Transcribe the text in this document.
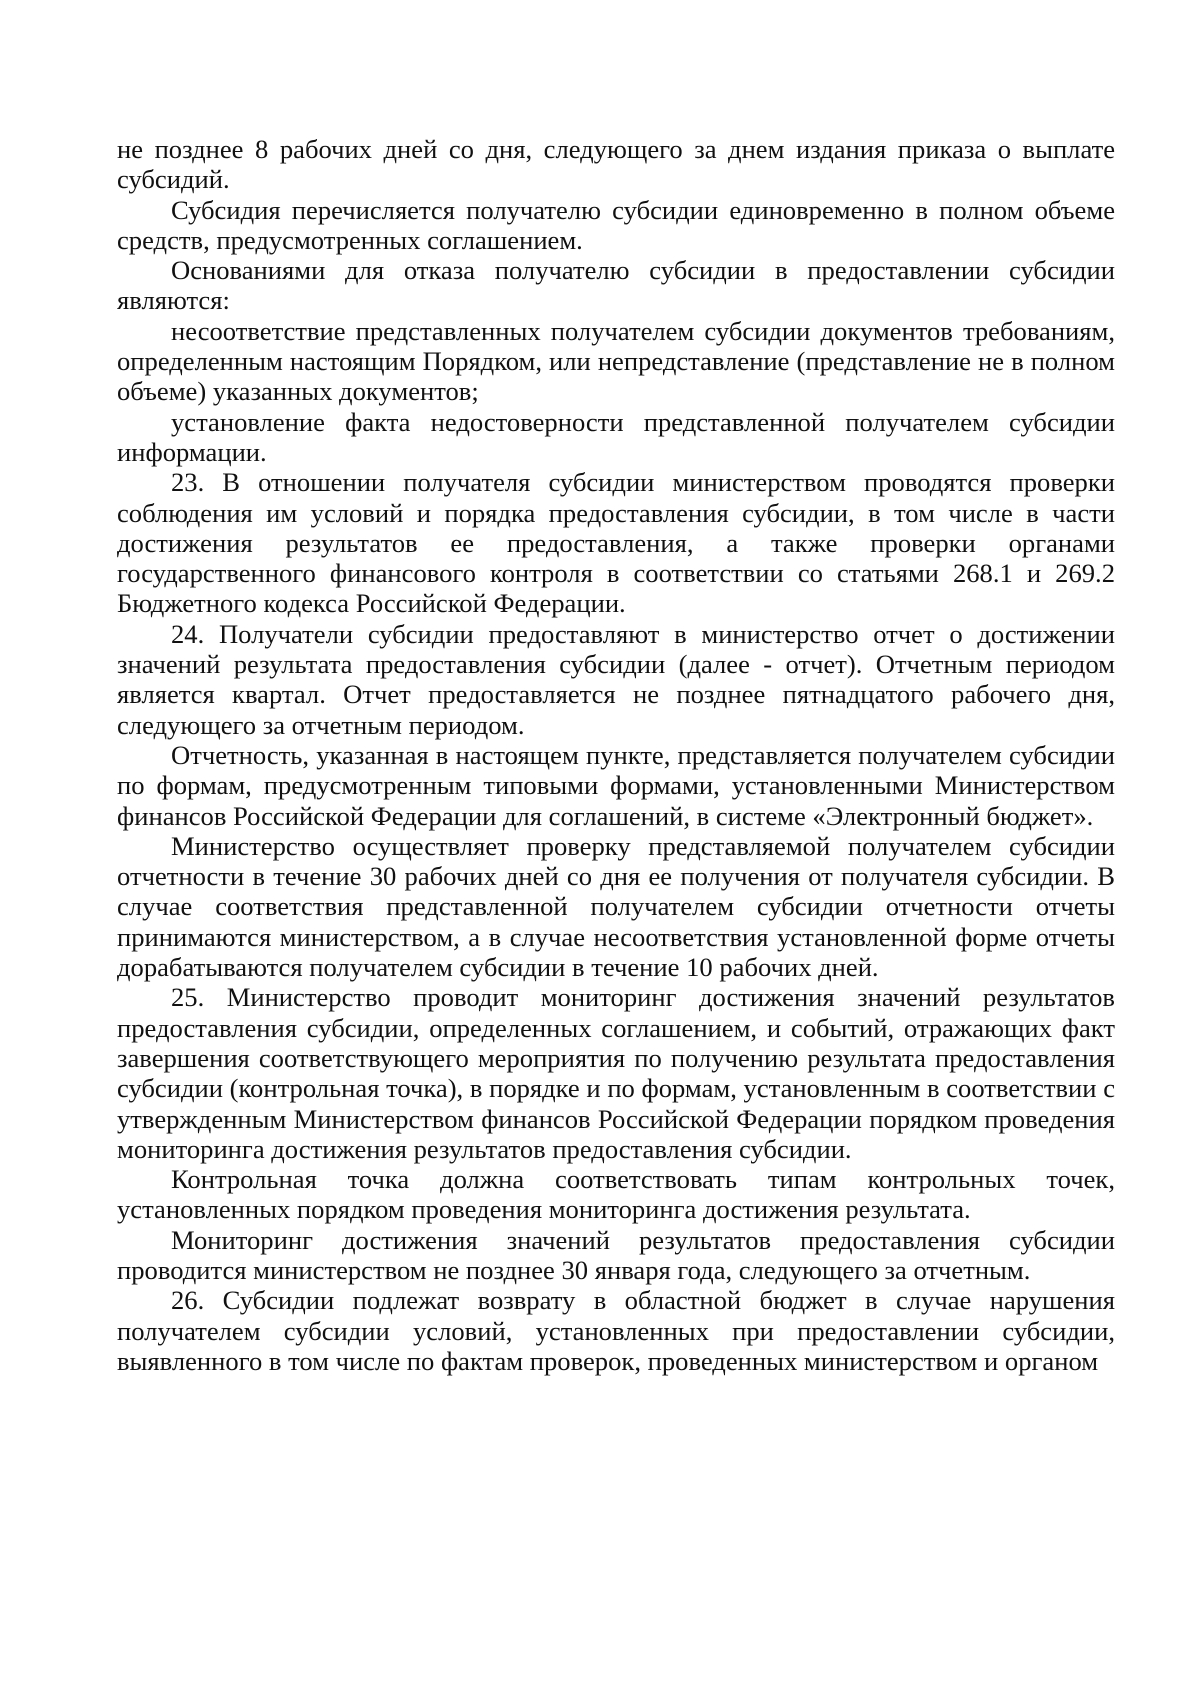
не позднее 8 рабочих дней со дня, следующего за днем издания приказа о выплате субсидий.

Субсидия перечисляется получателю субсидии единовременно в полном объеме средств, предусмотренных соглашением.

Основаниями для отказа получателю субсидии в предоставлении субсидии являются:

несоответствие представленных получателем субсидии документов требованиям, определенным настоящим Порядком, или непредставление (представление не в полном объеме) указанных документов;

установление факта недостоверности представленной получателем субсидии информации.

23. В отношении получателя субсидии министерством проводятся проверки соблюдения им условий и порядка предоставления субсидии, в том числе в части достижения результатов ее предоставления, а также проверки органами государственного финансового контроля в соответствии со статьями 268.1 и 269.2 Бюджетного кодекса Российской Федерации.

24. Получатели субсидии предоставляют в министерство отчет о достижении значений результата предоставления субсидии (далее - отчет). Отчетным периодом является квартал. Отчет предоставляется не позднее пятнадцатого рабочего дня, следующего за отчетным периодом.

Отчетность, указанная в настоящем пункте, представляется получателем субсидии по формам, предусмотренным типовыми формами, установленными Министерством финансов Российской Федерации для соглашений, в системе «Электронный бюджет».

Министерство осуществляет проверку представляемой получателем субсидии отчетности в течение 30 рабочих дней со дня ее получения от получателя субсидии. В случае соответствия представленной получателем субсидии отчетности отчеты принимаются министерством, а в случае несоответствия установленной форме отчеты дорабатываются получателем субсидии в течение 10 рабочих дней.

25. Министерство проводит мониторинг достижения значений результатов предоставления субсидии, определенных соглашением, и событий, отражающих факт завершения соответствующего мероприятия по получению результата предоставления субсидии (контрольная точка), в порядке и по формам, установленным в соответствии с утвержденным Министерством финансов Российской Федерации порядком проведения мониторинга достижения результатов предоставления субсидии.

Контрольная точка должна соответствовать типам контрольных точек, установленных порядком проведения мониторинга достижения результата.

Мониторинг достижения значений результатов предоставления субсидии проводится министерством не позднее 30 января года, следующего за отчетным.

26. Субсидии подлежат возврату в областной бюджет в случае нарушения получателем субсидии условий, установленных при предоставлении субсидии, выявленного в том числе по фактам проверок, проведенных министерством и органом
